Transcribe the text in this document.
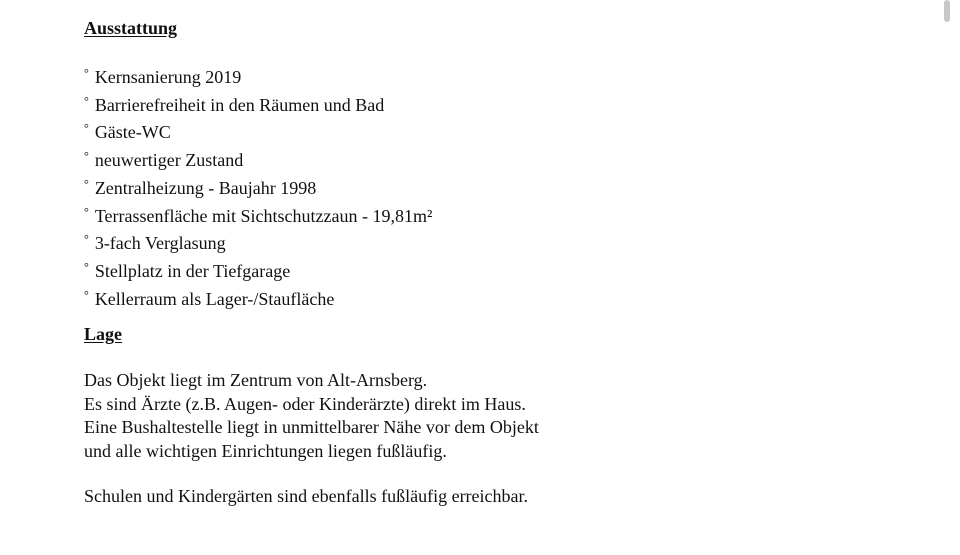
Ausstattung
° Kernsanierung 2019
° Barrierefreiheit in den Räumen und Bad
° Gäste-WC
° neuwertiger Zustand
° Zentralheizung - Baujahr 1998
° Terrassenfläche mit Sichtschutzzaun - 19,81m²
° 3-fach Verglasung
° Stellplatz in der Tiefgarage
° Kellerraum als Lager-/Staufläche
Lage

Das Objekt liegt im Zentrum von Alt-Arnsberg.
Es sind Ärzte (z.B. Augen- oder Kinderärzte) direkt im Haus.
Eine Bushaltestelle liegt in unmittelbarer Nähe vor dem Objekt
und alle wichtigen Einrichtungen liegen fußläufig.

Schulen und Kindergärten sind ebenfalls fußläufig erreichbar.
